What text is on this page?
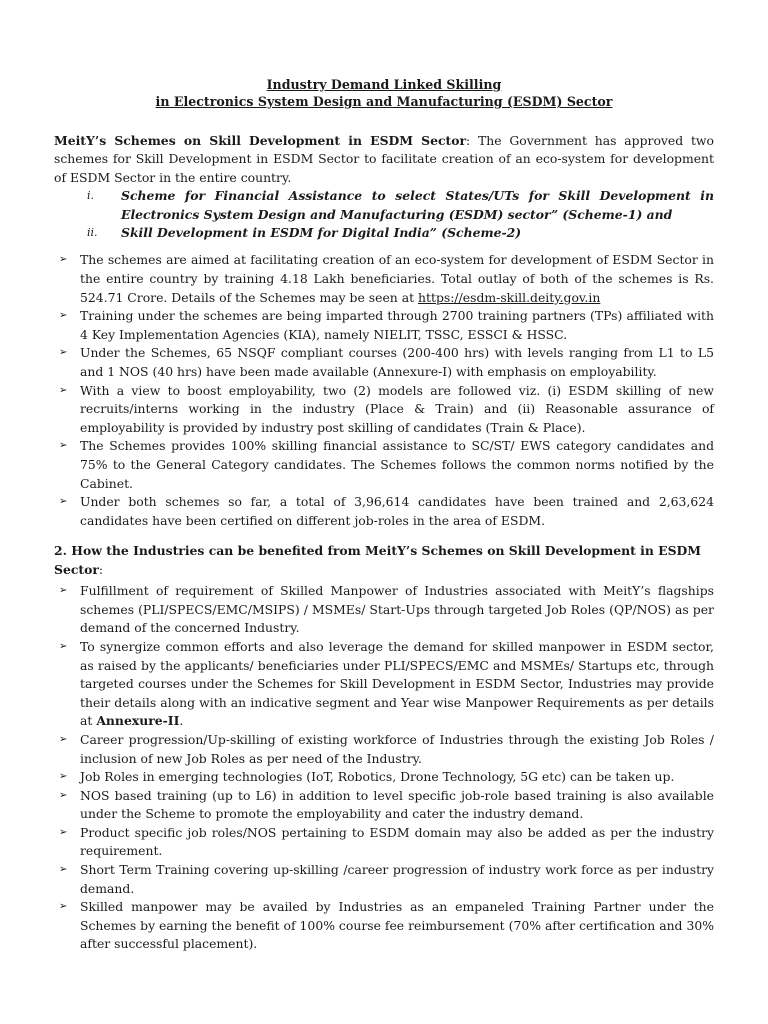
Industry Demand Linked Skilling
in Electronics System Design and Manufacturing (ESDM) Sector
MeitY’s Schemes on Skill Development in ESDM Sector: The Government has approved two schemes for Skill Development in ESDM Sector to facilitate creation of an eco-system for development of ESDM Sector in the entire country.
i. Scheme for Financial Assistance to select States/UTs for Skill Development in Electronics System Design and Manufacturing (ESDM) sector” (Scheme-1) and
ii. Skill Development in ESDM for Digital India” (Scheme-2)
➢ The schemes are aimed at facilitating creation of an eco-system for development of ESDM Sector in the entire country by training 4.18 Lakh beneficiaries. Total outlay of both of the schemes is Rs. 524.71 Crore. Details of the Schemes may be seen at https://esdm-skill.deity.gov.in
➢ Training under the schemes are being imparted through 2700 training partners (TPs) affiliated with 4 Key Implementation Agencies (KIA), namely NIELIT, TSSC, ESSCI & HSSC.
➢ Under the Schemes, 65 NSQF compliant courses (200-400 hrs) with levels ranging from L1 to L5 and 1 NOS (40 hrs) have been made available (Annexure-I) with emphasis on employability.
➢ With a view to boost employability, two (2) models are followed viz. (i) ESDM skilling of new recruits/interns working in the industry (Place & Train) and (ii) Reasonable assurance of employability is provided by industry post skilling of candidates (Train & Place).
➢ The Schemes provides 100% skilling financial assistance to SC/ST/ EWS category candidates and 75% to the General Category candidates. The Schemes follows the common norms notified by the Cabinet.
➢ Under both schemes so far, a total of 3,96,614 candidates have been trained and 2,63,624 candidates have been certified on different job-roles in the area of ESDM.
2. How the Industries can be benefited from MeitY’s Schemes on Skill Development in ESDM Sector:
➢ Fulfillment of requirement of Skilled Manpower of Industries associated with MeitY’s flagships schemes (PLI/SPECS/EMC/MSIPS) / MSMEs/ Start-Ups through targeted Job Roles (QP/NOS) as per demand of the concerned Industry.
➢ To synergize common efforts and also leverage the demand for skilled manpower in ESDM sector, as raised by the applicants/ beneficiaries under PLI/SPECS/EMC and MSMEs/ Startups etc, through targeted courses under the Schemes for Skill Development in ESDM Sector, Industries may provide their details along with an indicative segment and Year wise Manpower Requirements as per details at Annexure-II.
➢ Career progression/Up-skilling of existing workforce of Industries through the existing Job Roles / inclusion of new Job Roles as per need of the Industry.
➢ Job Roles in emerging technologies (IoT, Robotics, Drone Technology, 5G etc) can be taken up.
➢ NOS based training (up to L6) in addition to level specific job-role based training is also available under the Scheme to promote the employability and cater the industry demand.
➢ Product specific job roles/NOS pertaining to ESDM domain may also be added as per the industry requirement.
➢ Short Term Training covering up-skilling /career progression of industry work force as per industry demand.
➢ Skilled manpower may be availed by Industries as an empaneled Training Partner under the Schemes by earning the benefit of 100% course fee reimbursement (70% after certification and 30% after successful placement).
